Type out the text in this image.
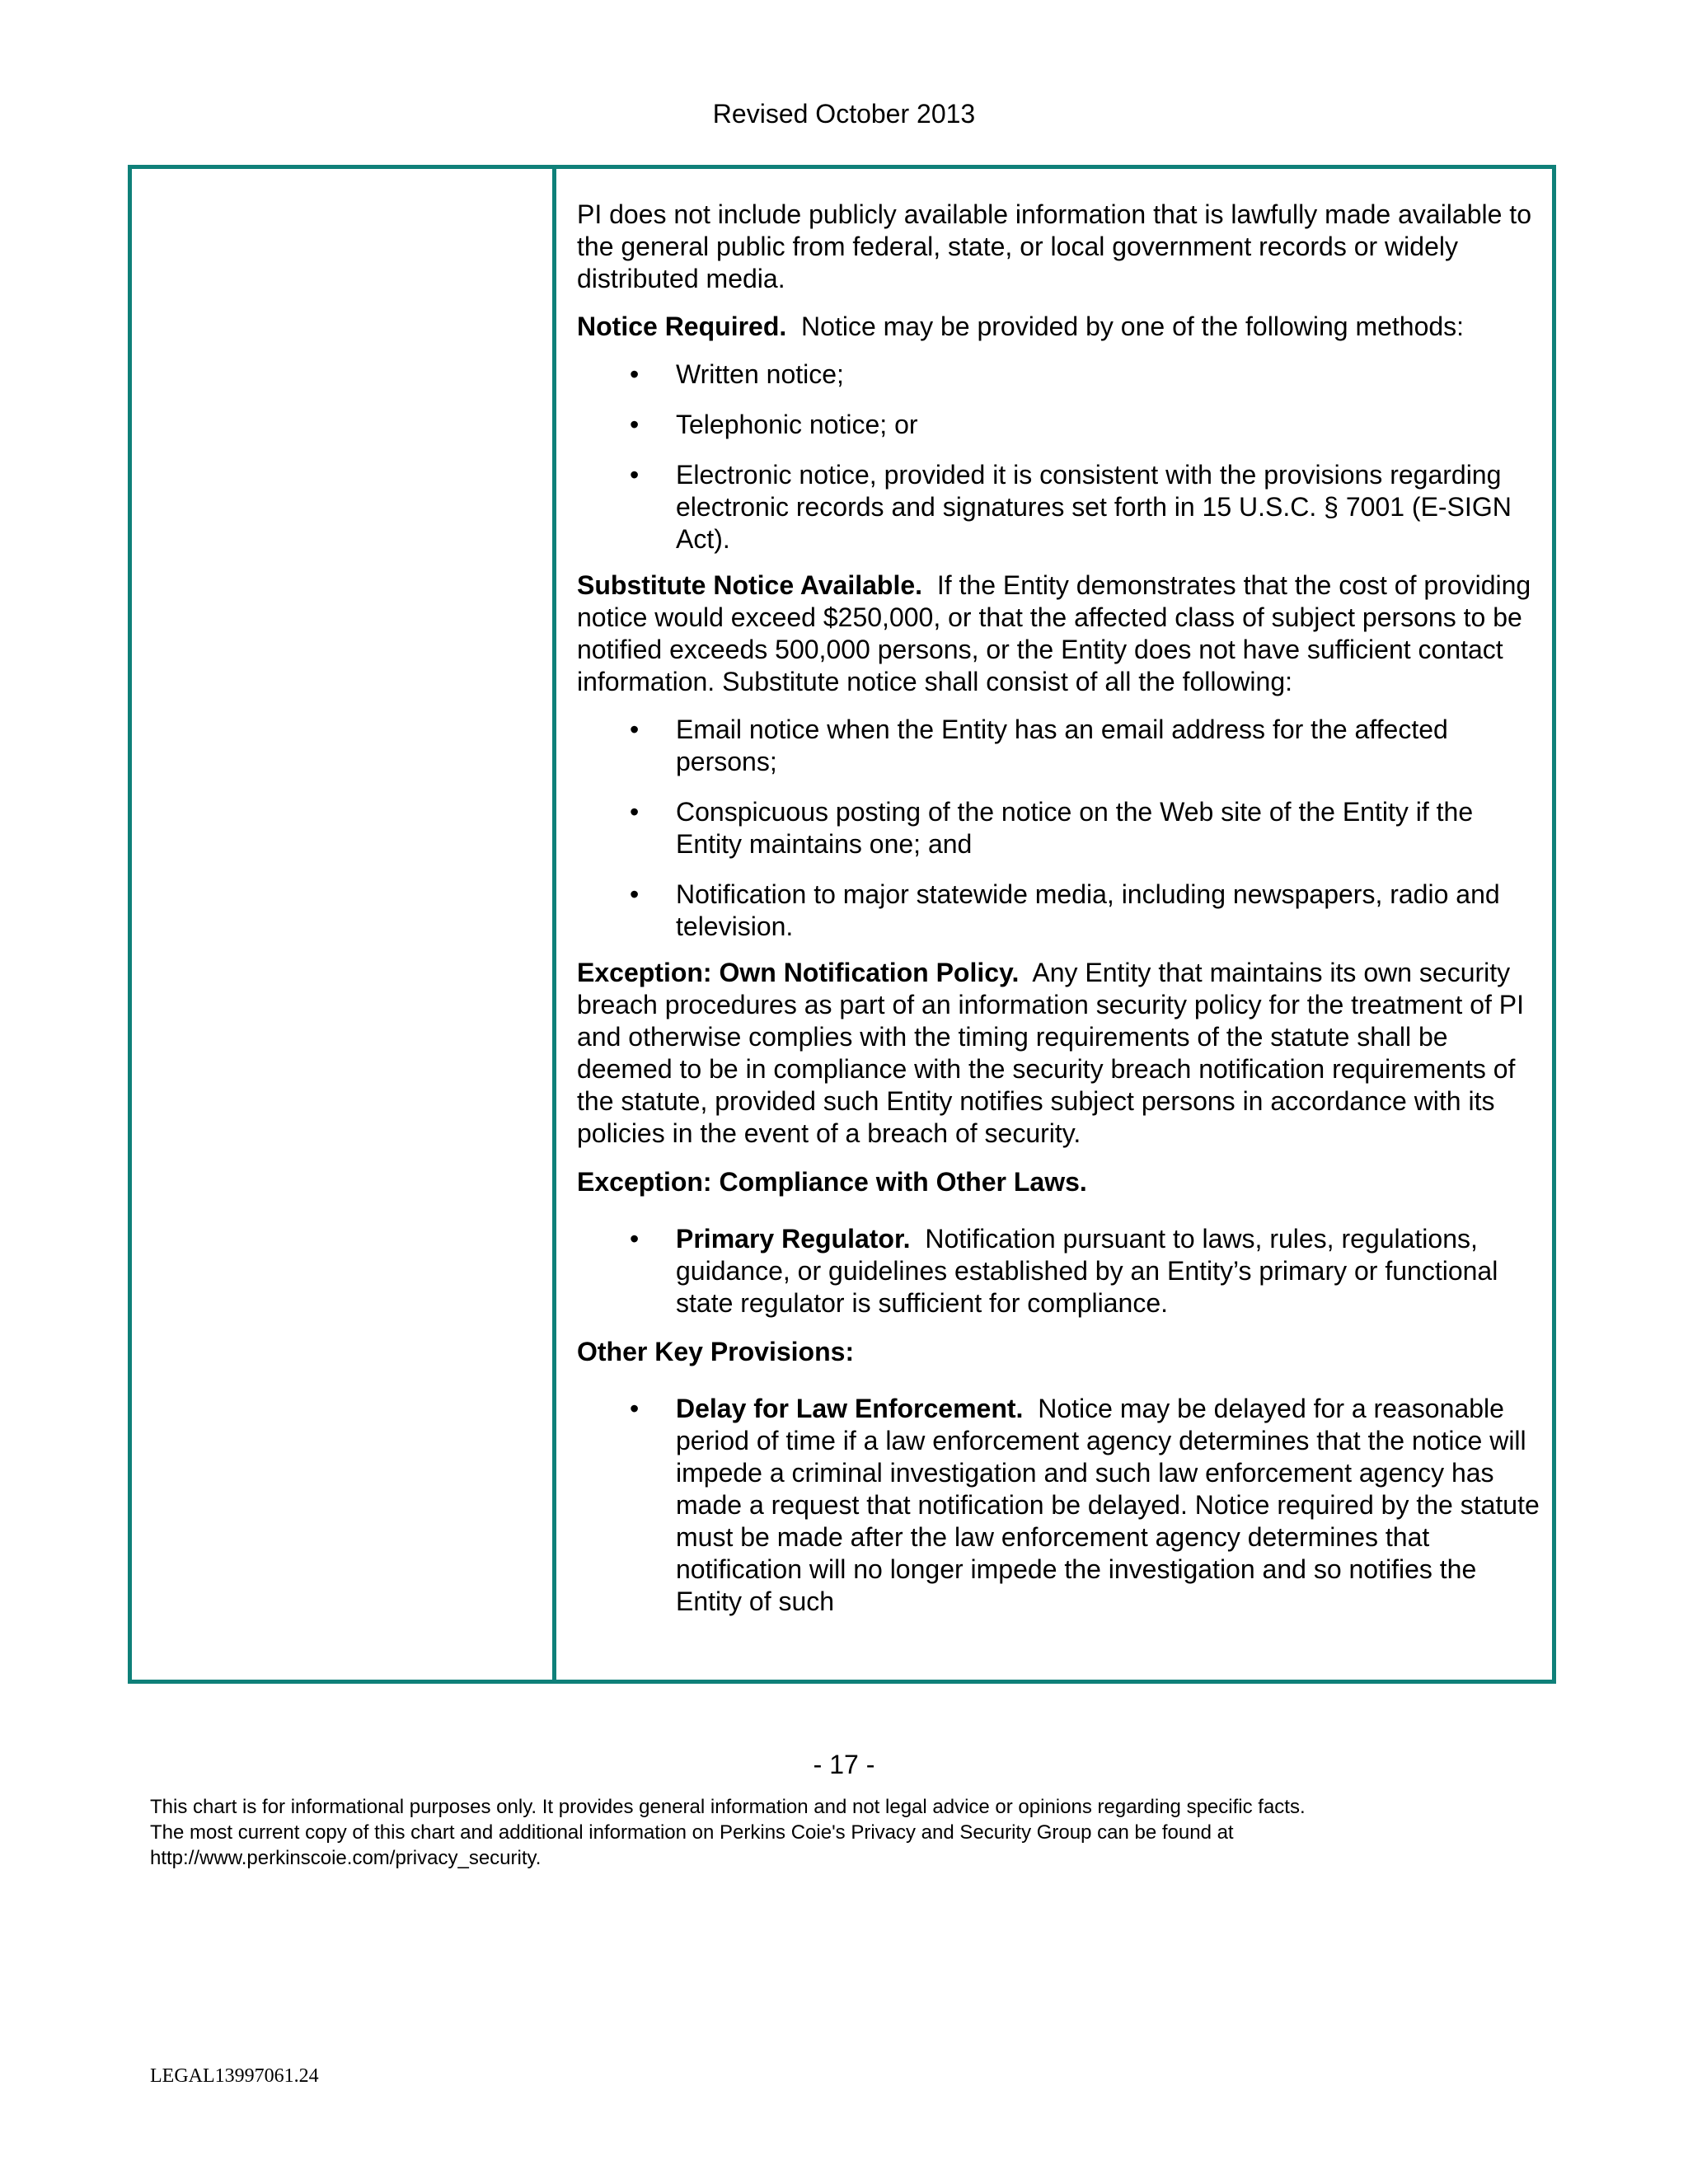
Revised October 2013

PI does not include publicly available information that is lawfully made available to the general public from federal, state, or local government records or widely distributed media.

Notice Required. Notice may be provided by one of the following methods:

• Written notice;
• Telephonic notice; or
• Electronic notice, provided it is consistent with the provisions regarding electronic records and signatures set forth in 15 U.S.C. § 7001 (E-SIGN Act).

Substitute Notice Available. If the Entity demonstrates that the cost of providing notice would exceed $250,000, or that the affected class of subject persons to be notified exceeds 500,000 persons, or the Entity does not have sufficient contact information. Substitute notice shall consist of all the following:

• Email notice when the Entity has an email address for the affected persons;
• Conspicuous posting of the notice on the Web site of the Entity if the Entity maintains one; and
• Notification to major statewide media, including newspapers, radio and television.

Exception: Own Notification Policy. Any Entity that maintains its own security breach procedures as part of an information security policy for the treatment of PI and otherwise complies with the timing requirements of the statute shall be deemed to be in compliance with the security breach notification requirements of the statute, provided such Entity notifies subject persons in accordance with its policies in the event of a breach of security.

Exception: Compliance with Other Laws.

• Primary Regulator. Notification pursuant to laws, rules, regulations, guidance, or guidelines established by an Entity’s primary or functional state regulator is sufficient for compliance.

Other Key Provisions:

• Delay for Law Enforcement. Notice may be delayed for a reasonable period of time if a law enforcement agency determines that the notice will impede a criminal investigation and such law enforcement agency has made a request that notification be delayed. Notice required by the statute must be made after the law enforcement agency determines that notification will no longer impede the investigation and so notifies the Entity of such
- 17 -
This chart is for informational purposes only. It provides general information and not legal advice or opinions regarding specific facts.
The most current copy of this chart and additional information on Perkins Coie's Privacy and Security Group can be found at
http://www.perkinscoie.com/privacy_security.
LEGAL13997061.24
